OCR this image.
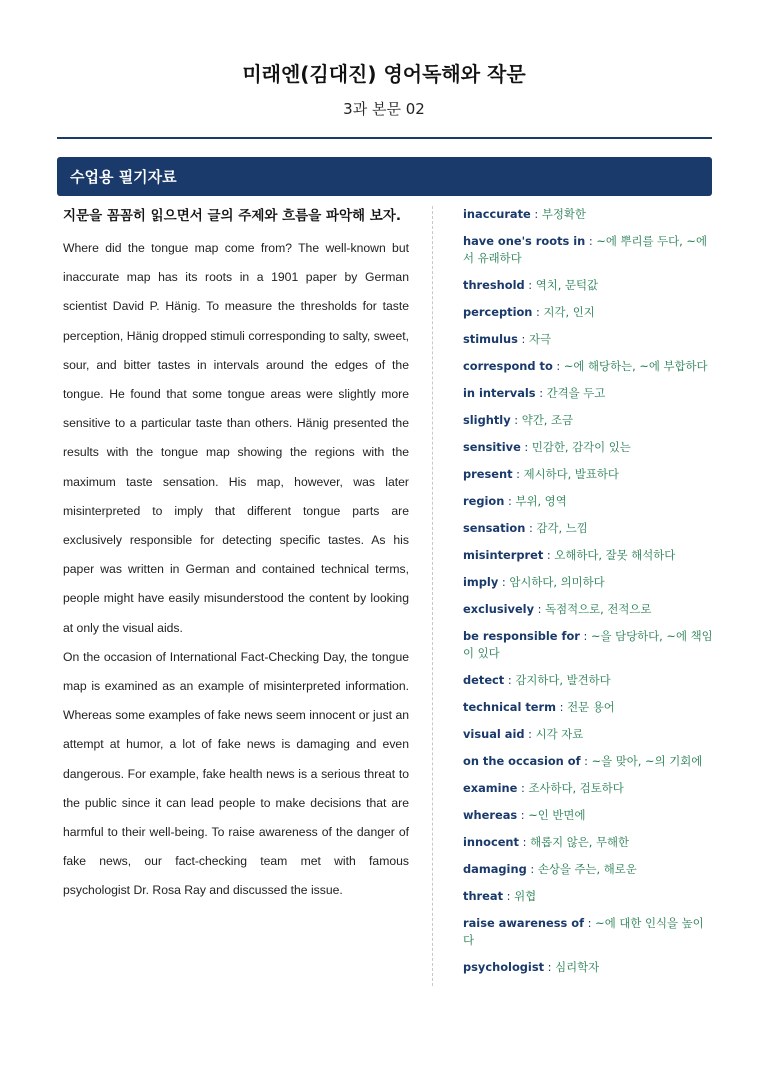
미래엔(김대진) 영어독해와 작문
3과 본문 02
수업용 필기자료

지문을 꼼꼼히 읽으면서 글의 주제와 흐름을 파악해 보자.

Where did the tongue map come from? The well-known but inaccurate map has its roots in a 1901 paper by German scientist David P. Hänig. To measure the thresholds for taste perception, Hänig dropped stimuli corresponding to salty, sweet, sour, and bitter tastes in intervals around the edges of the tongue. He found that some tongue areas were slightly more sensitive to a particular taste than others. Hänig presented the results with the tongue map showing the regions with the maximum taste sensation. His map, however, was later misinterpreted to imply that different tongue parts are exclusively responsible for detecting specific tastes. As his paper was written in German and contained technical terms, people might have easily misunderstood the content by looking at only the visual aids.

On the occasion of International Fact-Checking Day, the tongue map is examined as an example of misinterpreted information. Whereas some examples of fake news seem innocent or just an attempt at humor, a lot of fake news is damaging and even dangerous. For example, fake health news is a serious threat to the public since it can lead people to make decisions that are harmful to their well-being. To raise awareness of the danger of fake news, our fact-checking team met with famous psychologist Dr. Rosa Ray and discussed the issue.

inaccurate : 부정확한

have one's roots in : ~에 뿌리를 두다, ~에서 유래하다

threshold : 역치, 문턱값

perception : 지각, 인지

stimulus : 자극

correspond to : ~에 해당하는, ~에 부합하다

in intervals : 간격을 두고

slightly : 약간, 조금

sensitive : 민감한, 감각이 있는

present : 제시하다, 발표하다

region : 부위, 영역

sensation : 감각, 느낌

misinterpret : 오해하다, 잘못 해석하다

imply : 암시하다, 의미하다

exclusively : 독점적으로, 전적으로

be responsible for : ~을 담당하다, ~에 책임이 있다

detect : 감지하다, 발견하다

technical term : 전문 용어

visual aid : 시각 자료

on the occasion of : ~을 맞아, ~의 기회에

examine : 조사하다, 검토하다

whereas : ~인 반면에

innocent : 해롭지 않은, 무해한

damaging : 손상을 주는, 해로운

threat : 위협

raise awareness of : ~에 대한 인식을 높이다

psychologist : 심리학자
